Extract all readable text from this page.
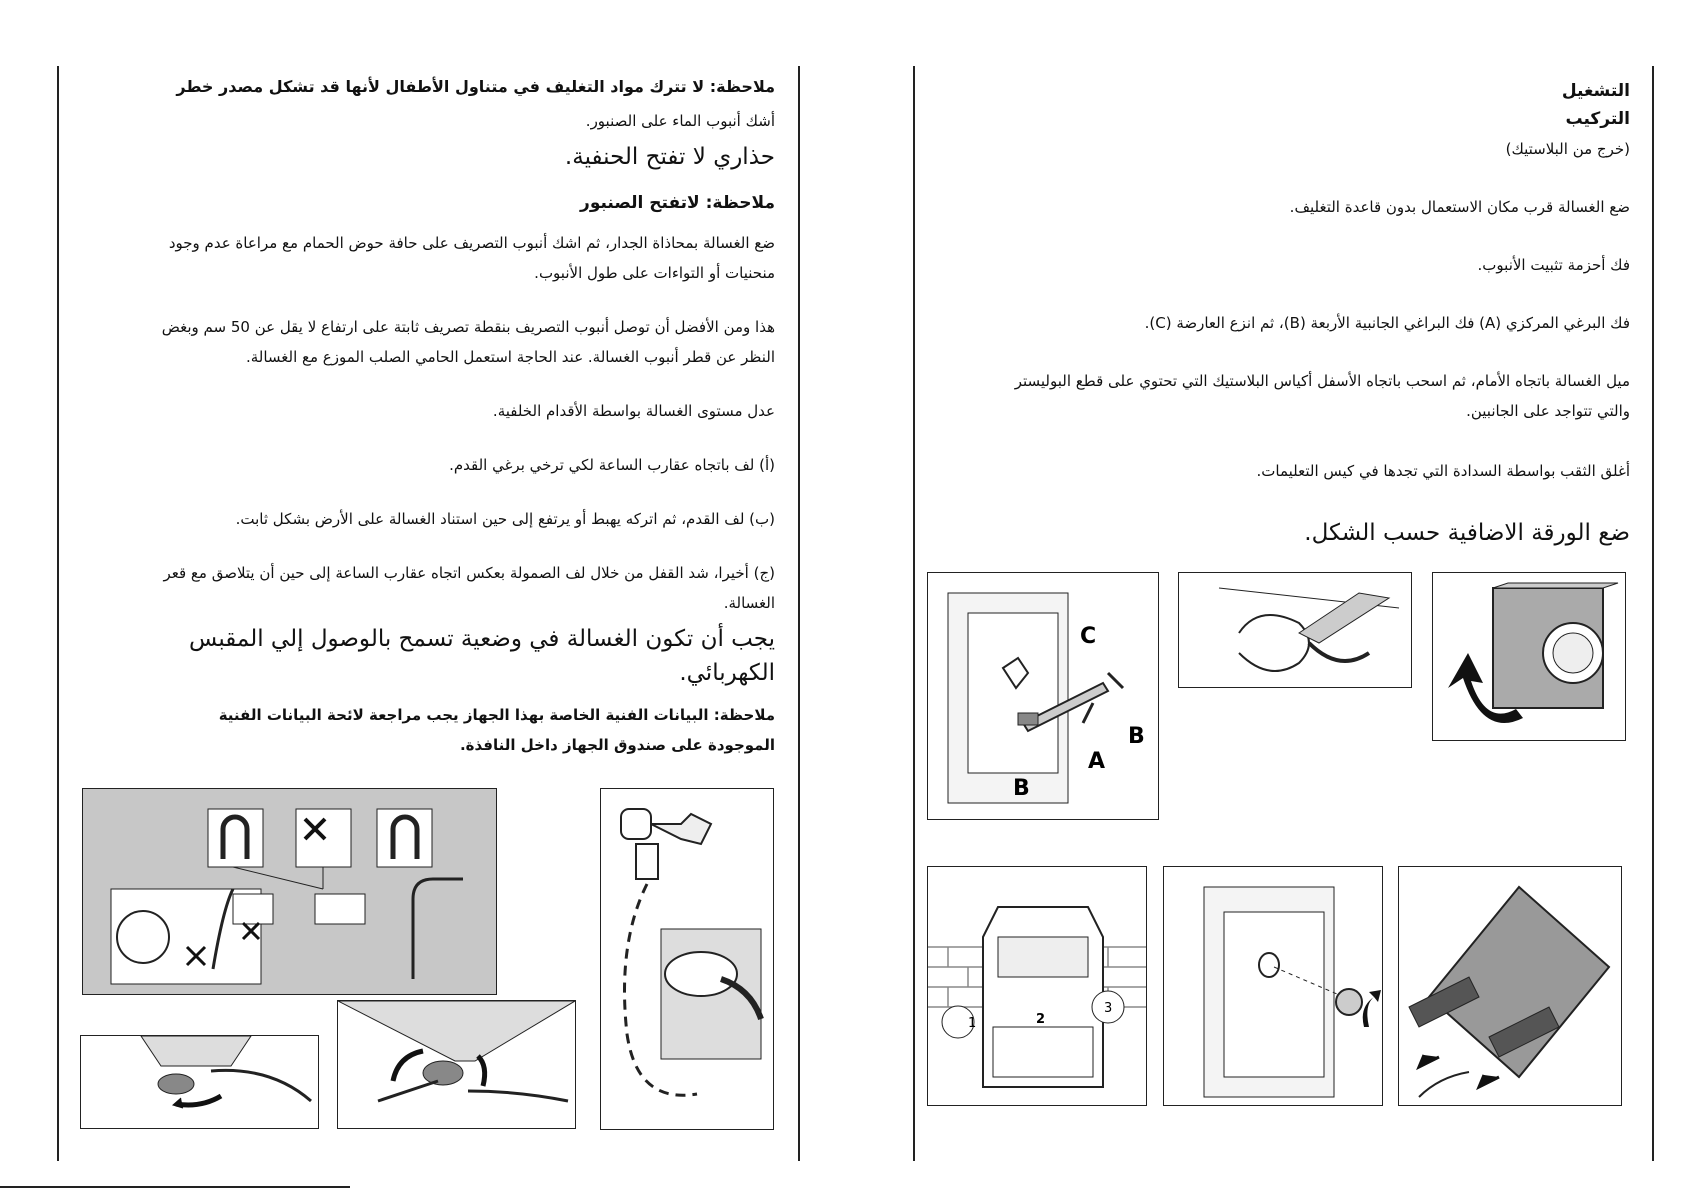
ملاحظة: لا تترك مواد التغليف في متناول الأطفال لأنها قد تشكل مصدر خطر
أشك أنبوب الماء على الصنبور.
حذاري لا تفتح الحنفية.
ملاحظة: لاتفتح الصنبور
ضع الغسالة بمحاذاة الجدار، ثم اشك أنبوب التصريف على حافة حوض الحمام مع مراعاة عدم وجود
منحنيات أو التواءات على طول الأنبوب.
هذا ومن الأفضل أن توصل أنبوب التصريف بنقطة تصريف ثابتة على ارتفاع لا يقل عن 50 سم وبغض
النظر عن قطر أنبوب الغسالة. عند الحاجة استعمل الحامي الصلب الموزع مع الغسالة.
عدل مستوى الغسالة بواسطة الأقدام الخلفية.
(أ) لف باتجاه عقارب الساعة لكي ترخي برغي القدم.
(ب) لف القدم، ثم اتركه يهبط أو يرتفع إلى حين استناد الغسالة على الأرض بشكل ثابت.
(ج) أخيرا، شد القفل من خلال لف الصمولة بعكس اتجاه عقارب الساعة إلى حين أن يتلاصق مع قعر
الغسالة.
يجب أن تكون الغسالة في وضعية تسمح بالوصول إلي المقبس
الكهربائي.
ملاحظة: البيانات الفنية الخاصة بهذا الجهاز يجب مراجعة لائحة البيانات الفنية
الموجودة على صندوق الجهاز داخل النافذة.
التشغيل
التركيب
(خرج من البلاستيك)
ضع الغسالة قرب مكان الاستعمال بدون قاعدة التغليف.
فك أحزمة تثبيت الأنبوب.
فك البرغي المركزي (A) فك البراغي الجانبية الأربعة (B)، ثم انزع العارضة (C).
ميل الغسالة باتجاه الأمام، ثم اسحب باتجاه الأسفل أكياس البلاستيك التي تحتوي على قطع البوليستر
والتي تتواجد على الجانبين.
أغلق الثقب بواسطة السدادة التي تجدها في كيس التعليمات.
ضع الورقة الاضافية حسب الشكل.
C
B
A
B
1	2
3
